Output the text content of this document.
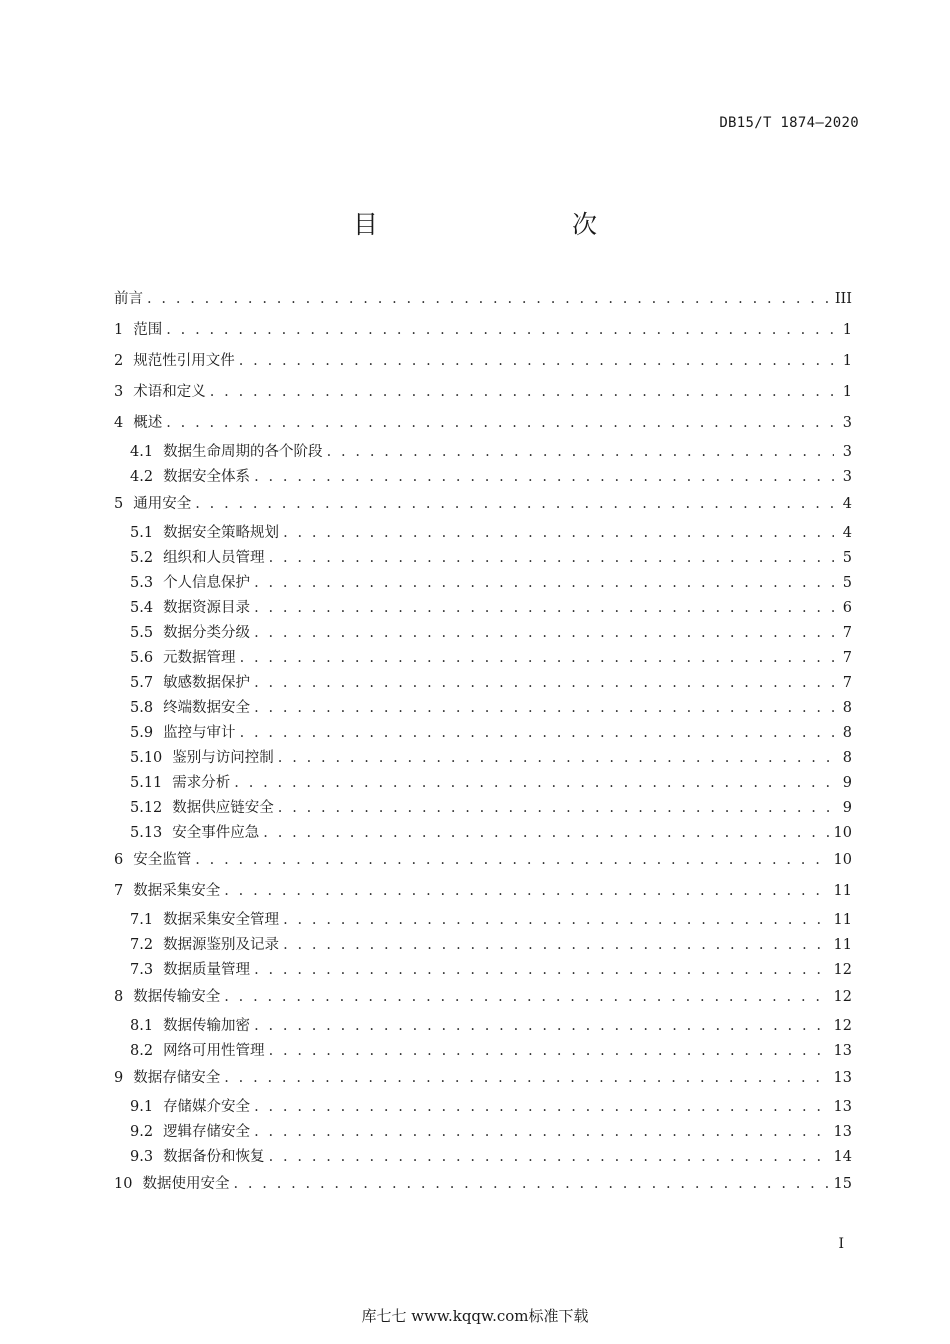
DB15/T 1874—2020
目　　次
前言 . . .	III
1 范围 . . .	1
2 规范性引用文件 . . .	1
3 术语和定义 . . .	1
4 概述 . . .	3
4.1 数据生命周期的各个阶段 . . .	3
4.2 数据安全体系 . . .	3
5 通用安全 . . .	4
5.1 数据安全策略规划 . . .	4
5.2 组织和人员管理 . . .	5
5.3 个人信息保护 . . .	5
5.4 数据资源目录 . . .	6
5.5 数据分类分级 . . .	7
5.6 元数据管理 . . .	7
5.7 敏感数据保护 . . .	7
5.8 终端数据安全 . . .	8
5.9 监控与审计 . . .	8
5.10 鉴别与访问控制 . . .	8
5.11 需求分析 . . .	9
5.12 数据供应链安全 . . .	9
5.13 安全事件应急 . . .	10
6 安全监管 . . .	10
7 数据采集安全 . . .	11
7.1 数据采集安全管理 . . .	11
7.2 数据源鉴别及记录 . . .	11
7.3 数据质量管理 . . .	12
8 数据传输安全 . . .	12
8.1 数据传输加密 . . .	12
8.2 网络可用性管理 . . .	13
9 数据存储安全 . . .	13
9.1 存储媒介安全 . . .	13
9.2 逻辑存储安全 . . .	13
9.3 数据备份和恢复 . . .	14
10 数据使用安全 . . .	15
I
库七七 www.kqqw.com标准下载
